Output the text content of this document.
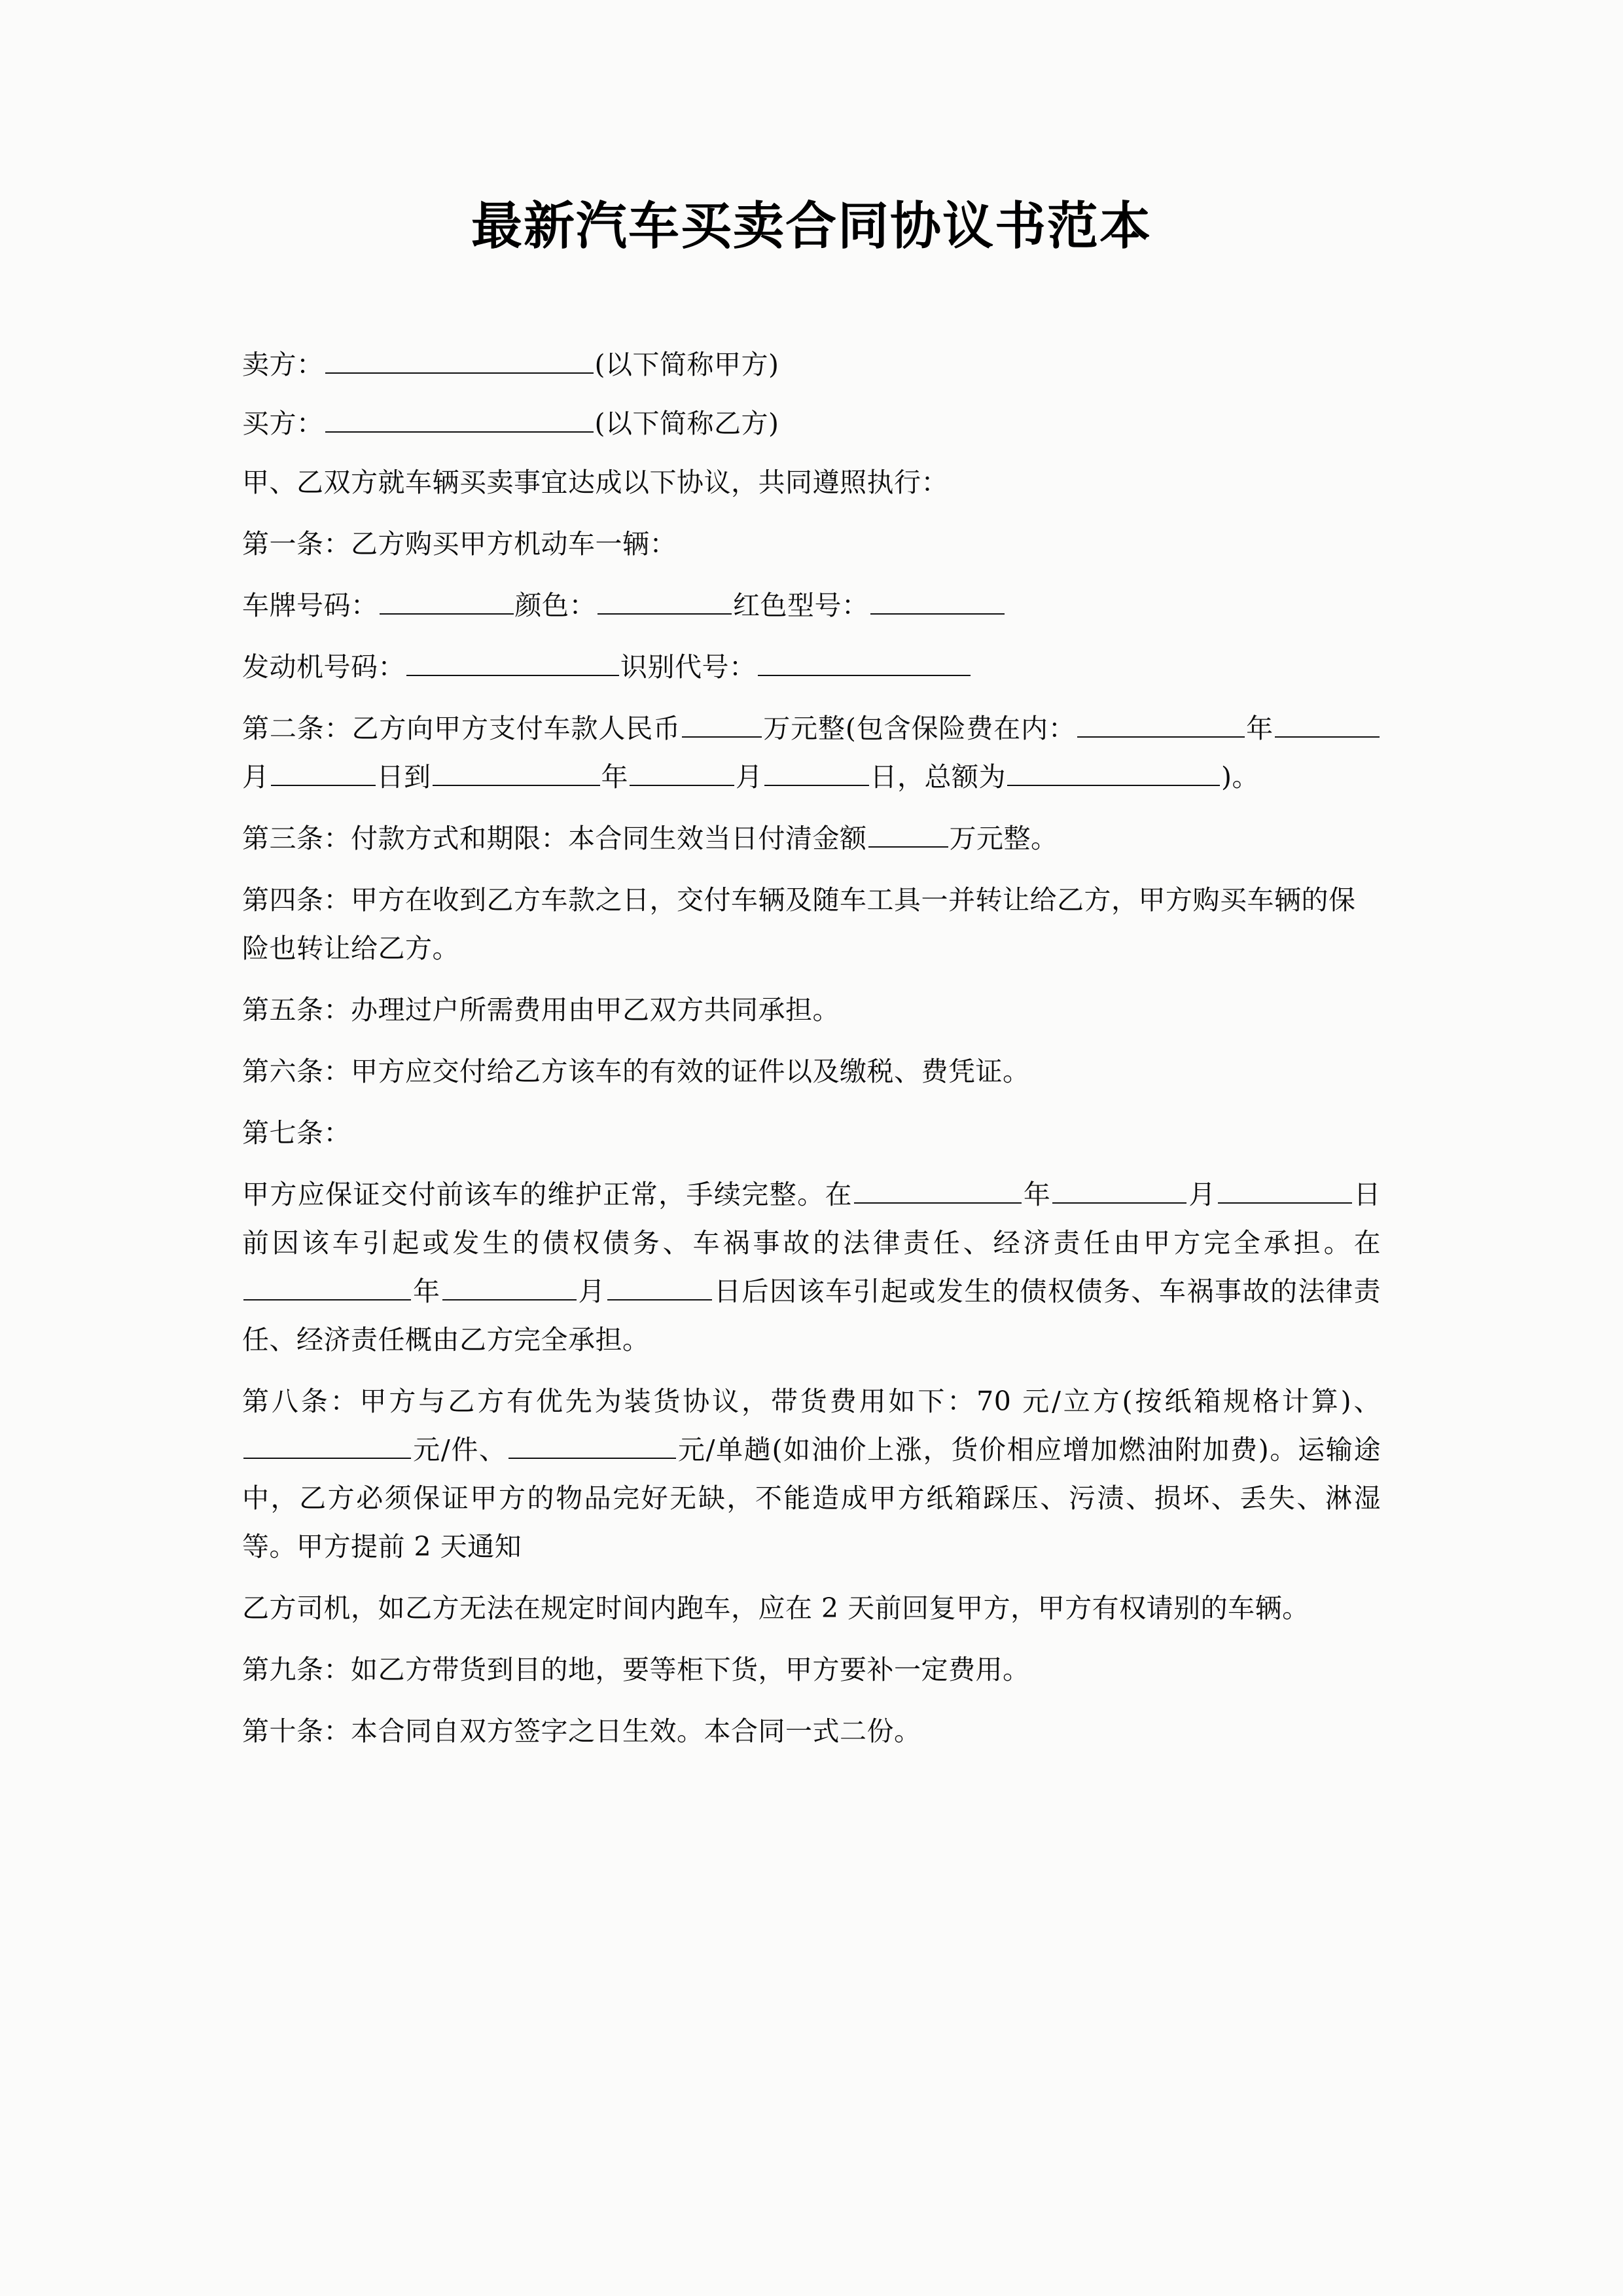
最新汽车买卖合同协议书范本

卖方：	(以下简称甲方)

买方：	(以下简称乙方)

甲、乙双方就车辆买卖事宜达成以下协议，共同遵照执行：

第一条：乙方购买甲方机动车一辆：

车牌号码：	颜色：	红色型号：

发动机号码：	识别代号：

第二条：乙方向甲方支付车款人民币	万元整(包含保险费在内：	年月	日到	年	月	日，总额为	)。

第三条：付款方式和期限：本合同生效当日付清金额	万元整。

第四条：甲方在收到乙方车款之日，交付车辆及随车工具一并转让给乙方，甲方购买车辆的保险也转让给乙方。

第五条：办理过户所需费用由甲乙双方共同承担。

第六条：甲方应交付给乙方该车的有效的证件以及缴税、费凭证。

第七条：

甲方应保证交付前该车的维护正常，手续完整。在	年	月	日前因该车引起或发生的债权债务、车祸事故的法律责任、经济责任由甲方完全承担。在年	月	日后因该车引起或发生的债权债务、车祸事故的法律责任、经济责任概由乙方完全承担。

第八条：甲方与乙方有优先为装货协议，带货费用如下：70 元/立方(按纸箱规格计算)、元/件、	元/单趟(如油价上涨，货价相应增加燃油附加费)。运输途中，乙方必须保证甲方的物品完好无缺，不能造成甲方纸箱踩压、污渍、损坏、丢失、淋湿等。甲方提前 2 天通知

乙方司机，如乙方无法在规定时间内跑车，应在 2 天前回复甲方，甲方有权请别的车辆。

第九条：如乙方带货到目的地，要等柜下货，甲方要补一定费用。

第十条：本合同自双方签字之日生效。本合同一式二份。
